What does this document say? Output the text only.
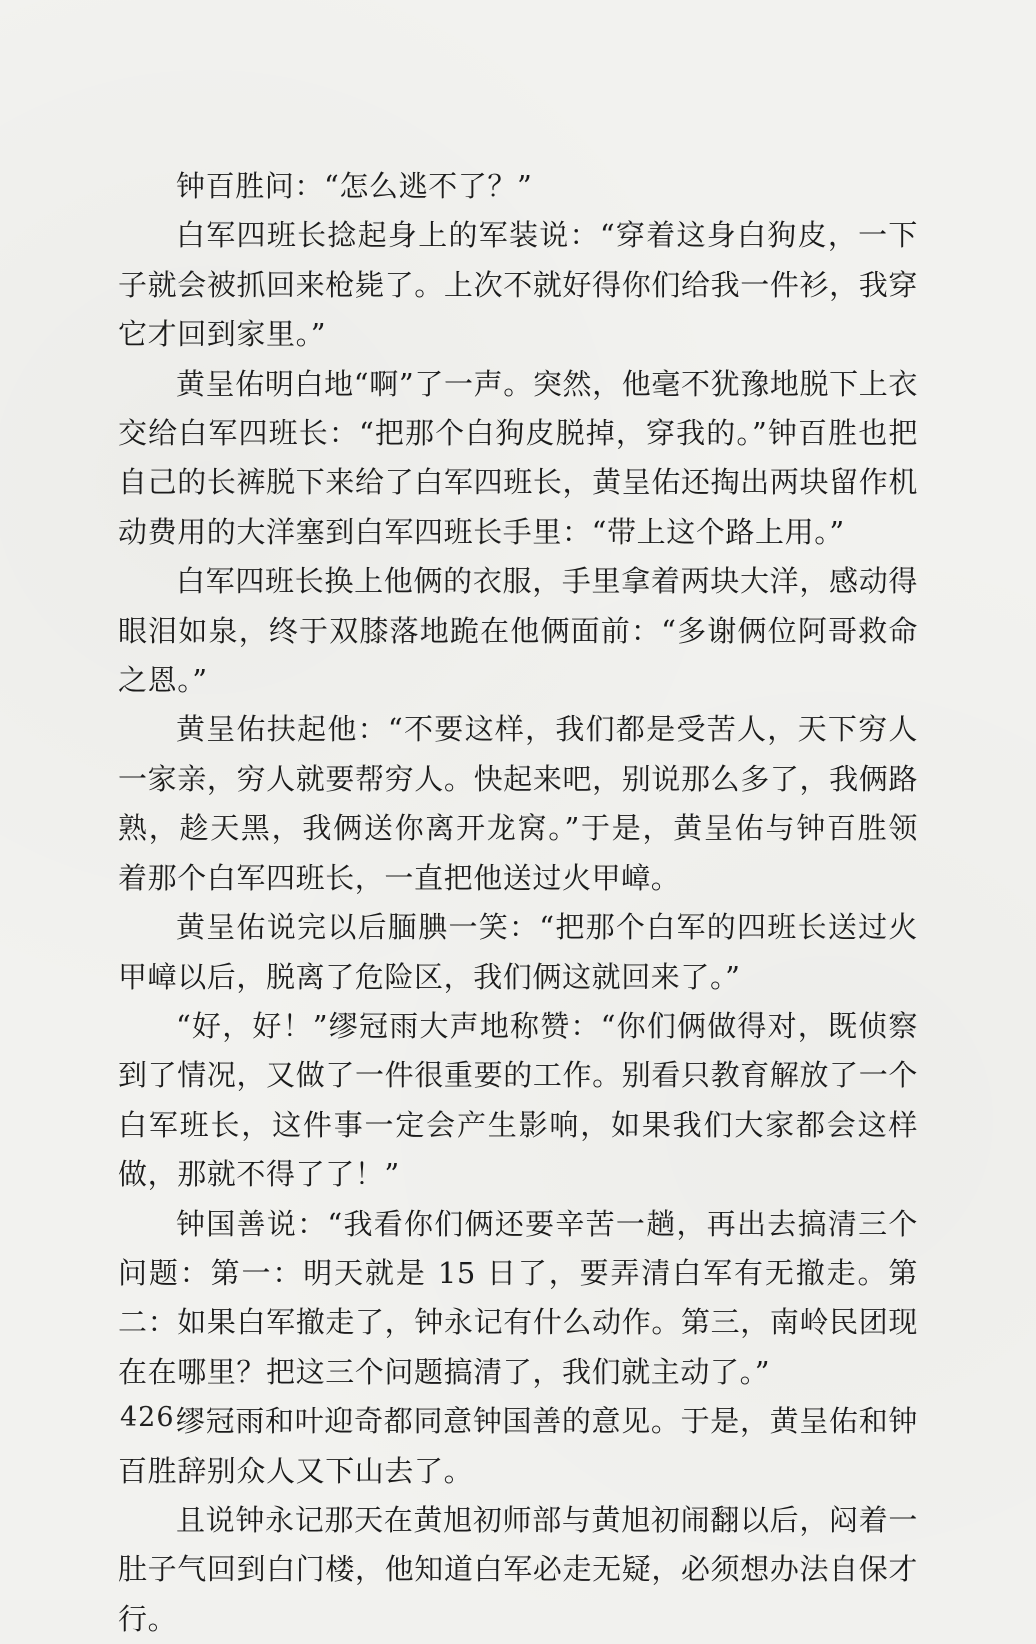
钟百胜问：“怎么逃不了？”

白军四班长捻起身上的军装说：“穿着这身白狗皮，一下子就会被抓回来枪毙了。上次不就好得你们给我一件衫，我穿它才回到家里。”

黄呈佑明白地“啊”了一声。突然，他毫不犹豫地脱下上衣交给白军四班长：“把那个白狗皮脱掉，穿我的。”钟百胜也把自己的长裤脱下来给了白军四班长，黄呈佑还掏出两块留作机动费用的大洋塞到白军四班长手里：“带上这个路上用。”

白军四班长换上他俩的衣服，手里拿着两块大洋，感动得眼泪如泉，终于双膝落地跪在他俩面前：“多谢俩位阿哥救命之恩。”

黄呈佑扶起他：“不要这样，我们都是受苦人，天下穷人一家亲，穷人就要帮穷人。快起来吧，别说那么多了，我俩路熟，趁天黑，我俩送你离开龙窝。”于是，黄呈佑与钟百胜领着那个白军四班长，一直把他送过火甲嶂。

黄呈佑说完以后腼腆一笑：“把那个白军的四班长送过火甲嶂以后，脱离了危险区，我们俩这就回来了。”

“好，好！”缪冠雨大声地称赞：“你们俩做得对，既侦察到了情况，又做了一件很重要的工作。别看只教育解放了一个白军班长，这件事一定会产生影响，如果我们大家都会这样做，那就不得了了！”

钟国善说：“我看你们俩还要辛苦一趟，再出去搞清三个问题：第一：明天就是 15 日了，要弄清白军有无撤走。第二：如果白军撤走了，钟永记有什么动作。第三，南岭民团现在在哪里？把这三个问题搞清了，我们就主动了。”

缪冠雨和叶迎奇都同意钟国善的意见。于是，黄呈佑和钟百胜辞别众人又下山去了。

且说钟永记那天在黄旭初师部与黄旭初闹翻以后，闷着一肚子气回到白门楼，他知道白军必走无疑，必须想办法自保才行。

426
